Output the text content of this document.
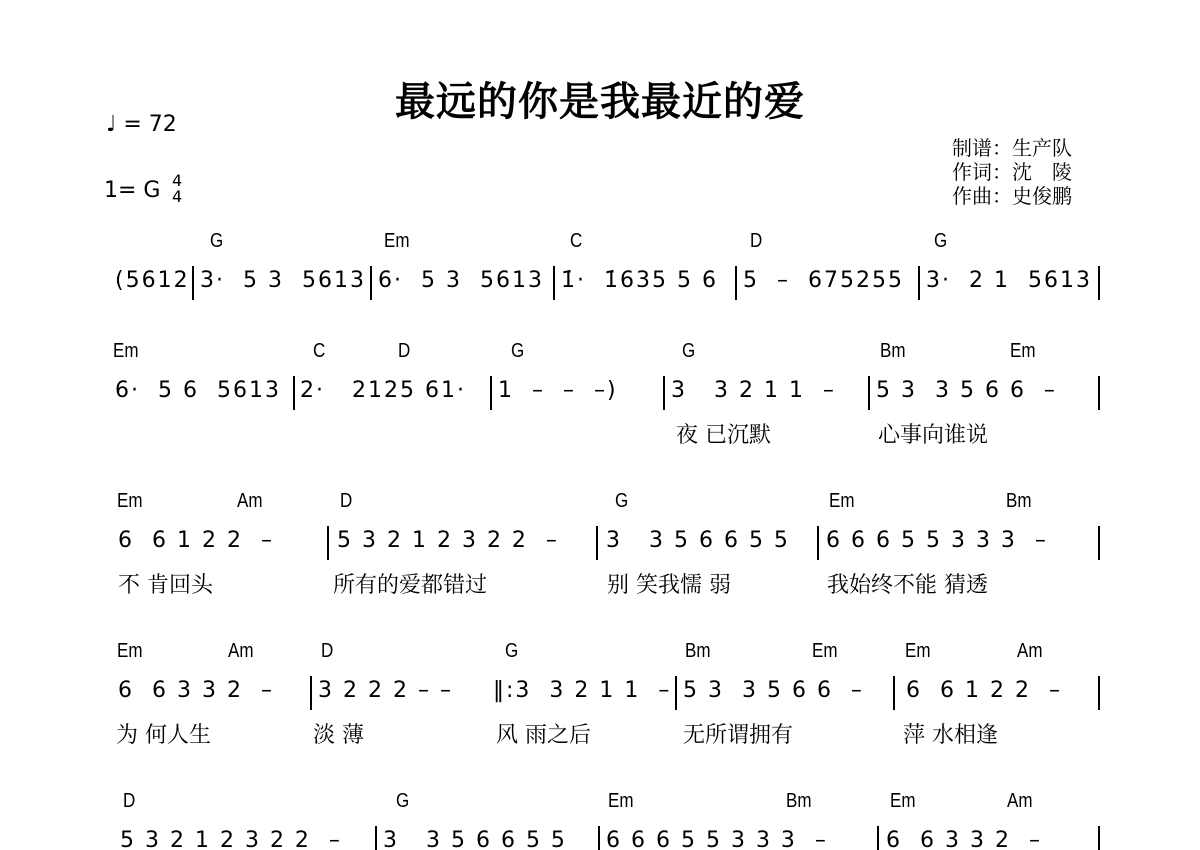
最远的你是我最近的爱
♩ = 72
1= G 4
4
制谱：生产队
作词：沈　陵
作曲：史俊鹏
(5612
G
3·  5 3  5613
Em
6·  5 3  5613
C
1̇·  1̇635 5 6
D
5  –  675255
G
3·  2 1  5613
Em
6·  5 6  5613
C	D
2·   2125 61·
G
1  –  –  –)
G
3   3 2 1 1  –
Bm	Em
5 3  3 5 6 6  –
夜 已沉默	心事向谁说
Em	Am
6  6 1 2 2  –
D
5 3 2 1 2 3 2 2  –
G
3   3 5 6 6 5 5
Em	Bm
6 6 6 5 5 3 3 3  –
不 肯回头	所有的爱都错过	别 笑我懦 弱	我始终不能 猜透
Em	Am
6  6 3 3 2  –
D
3 2 2 2 – –
G
‖:3  3 2 1 1  –
Bm	Em
5 3  3 5 6 6  –
Em	Am
6  6 1 2 2  –
为 何人生	淡 薄	风 雨之后	无所谓拥有	萍 水相逢
D
5 3 2 1 2 3 2 2  –
G
3   3 5 6 6 5 5
Em	Bm
6 6 6 5 5 3 3 3  –
Em	Am
6  6 3 3 2  –
